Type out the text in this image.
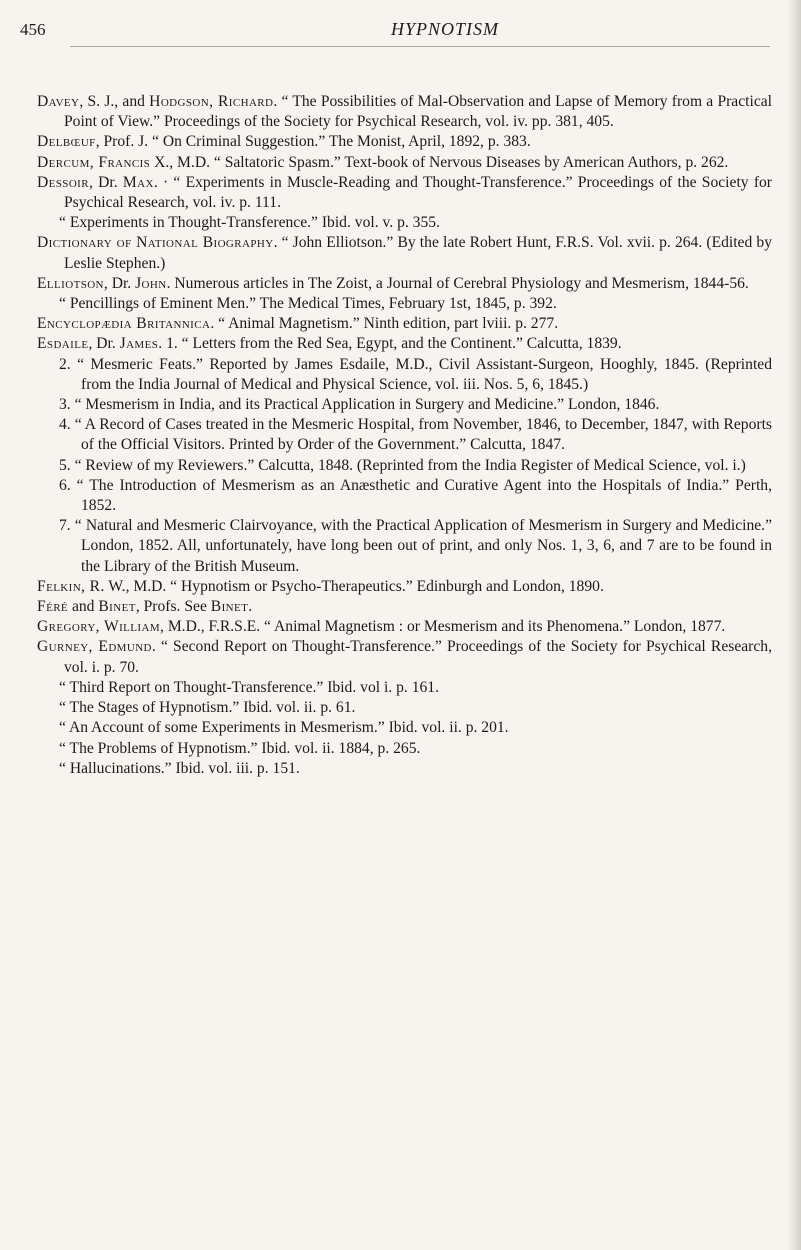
456	HYPNOTISM
Davey, S. J., and Hodgson, Richard. “ The Possibilities of Mal-Observation and Lapse of Memory from a Practical Point of View.” Proceedings of the Society for Psychical Research, vol. iv. pp. 381, 405.
Delbœuf, Prof. J. “ On Criminal Suggestion.” The Monist, April, 1892, p. 383.
Dercum, Francis X., M.D. “ Saltatoric Spasm.” Text-book of Nervous Diseases by American Authors, p. 262.
Dessoir, Dr. Max. · “ Experiments in Muscle-Reading and Thought-Transference.” Proceedings of the Society for Psychical Research, vol. iv. p. 111.
“ Experiments in Thought-Transference.” Ibid. vol. v. p. 355.
Dictionary of National Biography. “ John Elliotson.” By the late Robert Hunt, F.R.S. Vol. xvii. p. 264. (Edited by Leslie Stephen.)
Elliotson, Dr. John. Numerous articles in The Zoist, a Journal of Cerebral Physiology and Mesmerism, 1844-56.
“ Pencillings of Eminent Men.” The Medical Times, February 1st, 1845, p. 392.
Encyclopædia Britannica. “ Animal Magnetism.” Ninth edition, part lviii. p. 277.
Esdaile, Dr. James. 1. “ Letters from the Red Sea, Egypt, and the Continent.” Calcutta, 1839.
2. “ Mesmeric Feats.” Reported by James Esdaile, M.D., Civil Assistant-Surgeon, Hooghly, 1845. (Reprinted from the India Journal of Medical and Physical Science, vol. iii. Nos. 5, 6, 1845.)
3. “ Mesmerism in India, and its Practical Application in Surgery and Medicine.” London, 1846.
4. “ A Record of Cases treated in the Mesmeric Hospital, from November, 1846, to December, 1847, with Reports of the Official Visitors. Printed by Order of the Government.” Calcutta, 1847.
5. “ Review of my Reviewers.” Calcutta, 1848. (Reprinted from the India Register of Medical Science, vol. i.)
6. “ The Introduction of Mesmerism as an Anæsthetic and Curative Agent into the Hospitals of India.” Perth, 1852.
7. “ Natural and Mesmeric Clairvoyance, with the Practical Application of Mesmerism in Surgery and Medicine.” London, 1852. All, unfortunately, have long been out of print, and only Nos. 1, 3, 6, and 7 are to be found in the Library of the British Museum.
Felkin, R. W., M.D. “ Hypnotism or Psycho-Therapeutics.” Edinburgh and London, 1890.
Féré and Binet, Profs. See Binet.
Gregory, William, M.D., F.R.S.E. “ Animal Magnetism : or Mesmerism and its Phenomena.” London, 1877.
Gurney, Edmund. “ Second Report on Thought-Transference.” Proceedings of the Society for Psychical Research, vol. i. p. 70.
“ Third Report on Thought-Transference.” Ibid. vol i. p. 161.
“ The Stages of Hypnotism.” Ibid. vol. ii. p. 61.
“ An Account of some Experiments in Mesmerism.” Ibid. vol. ii. p. 201.
“ The Problems of Hypnotism.” Ibid. vol. ii. 1884, p. 265.
“ Hallucinations.” Ibid. vol. iii. p. 151.
